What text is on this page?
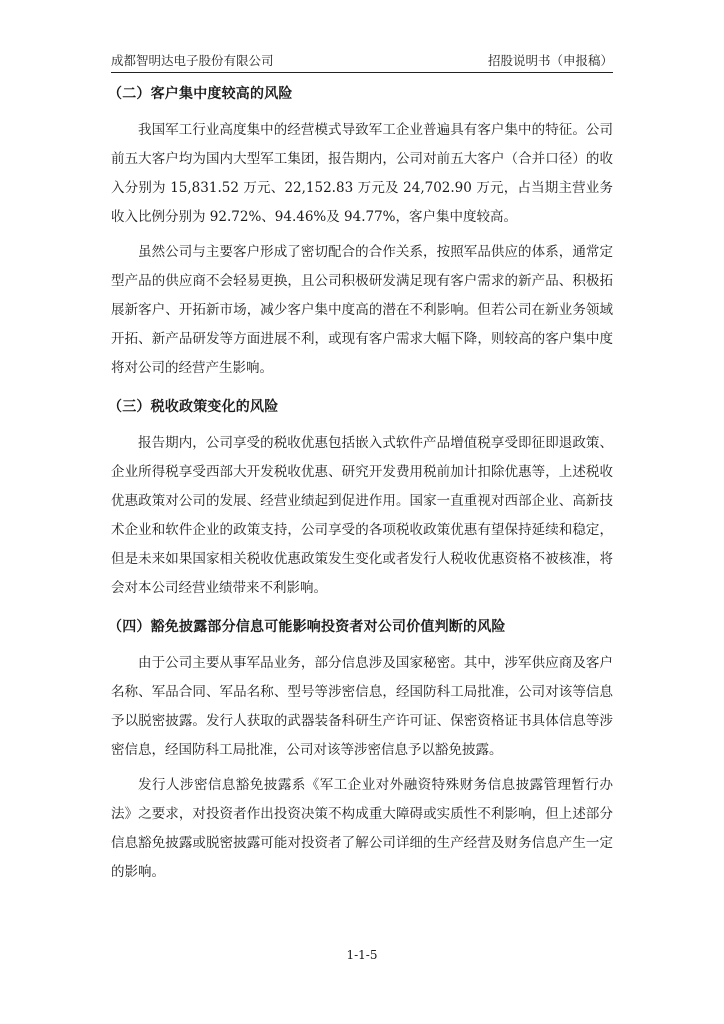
成都智明达电子股份有限公司	招股说明书（申报稿）
（二）客户集中度较高的风险

我国军工行业高度集中的经营模式导致军工企业普遍具有客户集中的特征。公司前五大客户均为国内大型军工集团，报告期内，公司对前五大客户（合并口径）的收入分别为 15,831.52 万元、22,152.83 万元及 24,702.90 万元，占当期主营业务收入比例分别为 92.72%、94.46%及 94.77%，客户集中度较高。

虽然公司与主要客户形成了密切配合的合作关系，按照军品供应的体系，通常定型产品的供应商不会轻易更换，且公司积极研发满足现有客户需求的新产品、积极拓展新客户、开拓新市场，减少客户集中度高的潜在不利影响。但若公司在新业务领域开拓、新产品研发等方面进展不利，或现有客户需求大幅下降，则较高的客户集中度将对公司的经营产生影响。

（三）税收政策变化的风险

报告期内，公司享受的税收优惠包括嵌入式软件产品增值税享受即征即退政策、企业所得税享受西部大开发税收优惠、研究开发费用税前加计扣除优惠等，上述税收优惠政策对公司的发展、经营业绩起到促进作用。国家一直重视对西部企业、高新技术企业和软件企业的政策支持，公司享受的各项税收政策优惠有望保持延续和稳定，但是未来如果国家相关税收优惠政策发生变化或者发行人税收优惠资格不被核准，将会对本公司经营业绩带来不利影响。

（四）豁免披露部分信息可能影响投资者对公司价值判断的风险

由于公司主要从事军品业务，部分信息涉及国家秘密。其中，涉军供应商及客户名称、军品合同、军品名称、型号等涉密信息，经国防科工局批准，公司对该等信息予以脱密披露。发行人获取的武器装备科研生产许可证、保密资格证书具体信息等涉密信息，经国防科工局批准，公司对该等涉密信息予以豁免披露。

发行人涉密信息豁免披露系《军工企业对外融资特殊财务信息披露管理暂行办法》之要求，对投资者作出投资决策不构成重大障碍或实质性不利影响，但上述部分信息豁免披露或脱密披露可能对投资者了解公司详细的生产经营及财务信息产生一定的影响。

1-1-5
